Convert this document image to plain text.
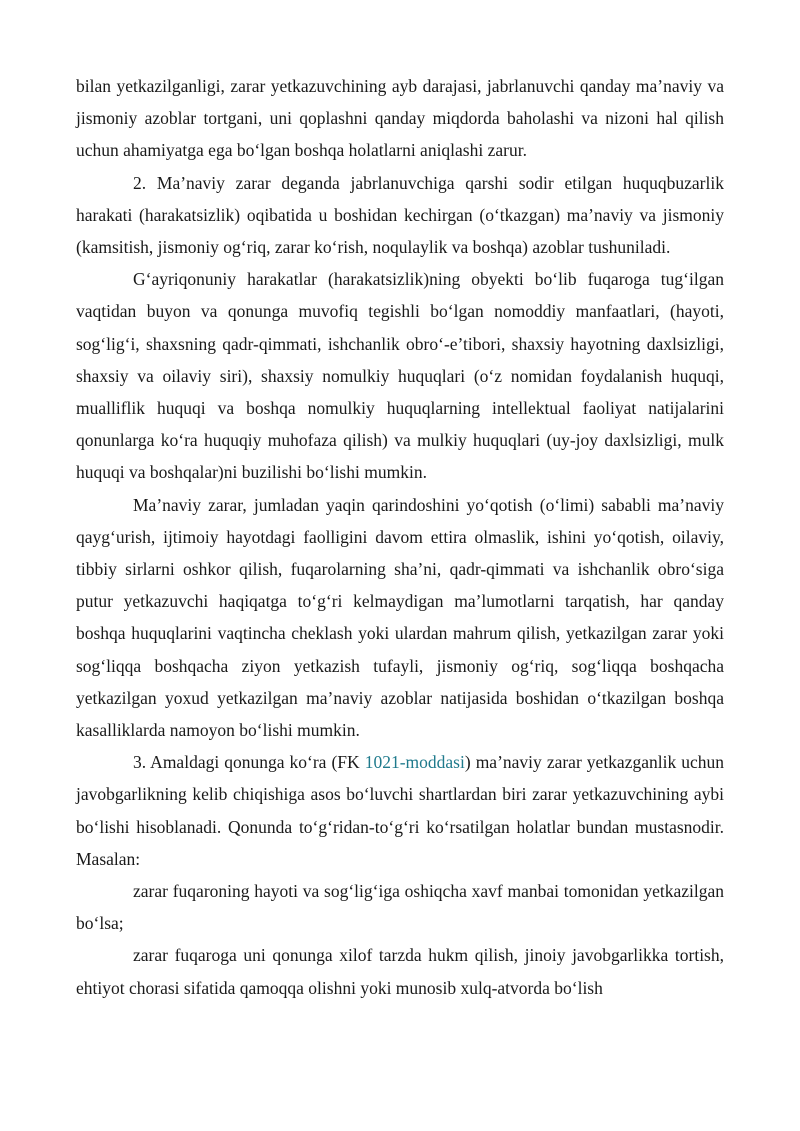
bilan yetkazilganligi, zarar yetkazuvchining ayb darajasi, jabrlanuvchi qanday ma’naviy va jismoniy azoblar tortgani, uni qoplashni qanday miqdorda baholashi va nizoni hal qilish uchun ahamiyatga ega bo‘lgan boshqa holatlarni aniqlashi zarur.

2. Ma’naviy zarar deganda jabrlanuvchiga qarshi sodir etilgan huquqbuzarlik harakati (harakatsizlik) oqibatida u boshidan kechirgan (o‘tkazgan) ma’naviy va jismoniy (kamsitish, jismoniy og‘riq, zarar ko‘rish, noqulaylik va boshqa) azoblar tushuniladi.

G‘ayriqonuniy harakatlar (harakatsizlik)ning obyekti bo‘lib fuqaroga tug‘ilgan vaqtidan buyon va qonunga muvofiq tegishli bo‘lgan nomoddiy manfaatlari, (hayoti, sog‘lig‘i, shaxsning qadr-qimmati, ishchanlik obro‘-e’tibori, shaxsiy hayotning daxlsizligi, shaxsiy va oilaviy siri), shaxsiy nomulkiy huquqlari (o‘z nomidan foydalanish huquqi, mualliflik huquqi va boshqa nomulkiy huquqlarning intellektual faoliyat natijalarini qonunlarga ko‘ra huquqiy muhofaza qilish) va mulkiy huquqlari (uy-joy daxlsizligi, mulk huquqi va boshqalar)ni buzilishi bo‘lishi mumkin.

Ma’naviy zarar, jumladan yaqin qarindoshini yo‘qotish (o‘limi) sababli ma’naviy qayg‘urish, ijtimoiy hayotdagi faolligini davom ettira olmaslik, ishini yo‘qotish, oilaviy, tibbiy sirlarni oshkor qilish, fuqarolarning sha’ni, qadr-qimmati va ishchanlik obro‘siga putur yetkazuvchi haqiqatga to‘g‘ri kelmaydigan ma’lumotlarni tarqatish, har qanday boshqa huquqlarini vaqtincha cheklash yoki ulardan mahrum qilish, yetkazilgan zarar yoki sog‘liqqa boshqacha ziyon yetkazish tufayli, jismoniy og‘riq, sog‘liqqa boshqacha yetkazilgan yoxud yetkazilgan ma’naviy azoblar natijasida boshidan o‘tkazilgan boshqa kasalliklarda namoyon bo‘lishi mumkin.

3. Amaldagi qonunga ko‘ra (FK 1021-moddasi) ma’naviy zarar yetkazganlik uchun javobgarlikning kelib chiqishiga asos bo‘luvchi shartlardan biri zarar yetkazuvchining aybi bo‘lishi hisoblanadi. Qonunda to‘g‘ridan-to‘g‘ri ko‘rsatilgan holatlar bundan mustasnodir. Masalan:

zarar fuqaroning hayoti va sog‘lig‘iga oshiqcha xavf manbai tomonidan yetkazilgan bo‘lsa;

zarar fuqaroga uni qonunga xilof tarzda hukm qilish, jinoiy javobgarlikka tortish, ehtiyot chorasi sifatida qamoqqa olishni yoki munosib xulq-atvorda bo‘lish
